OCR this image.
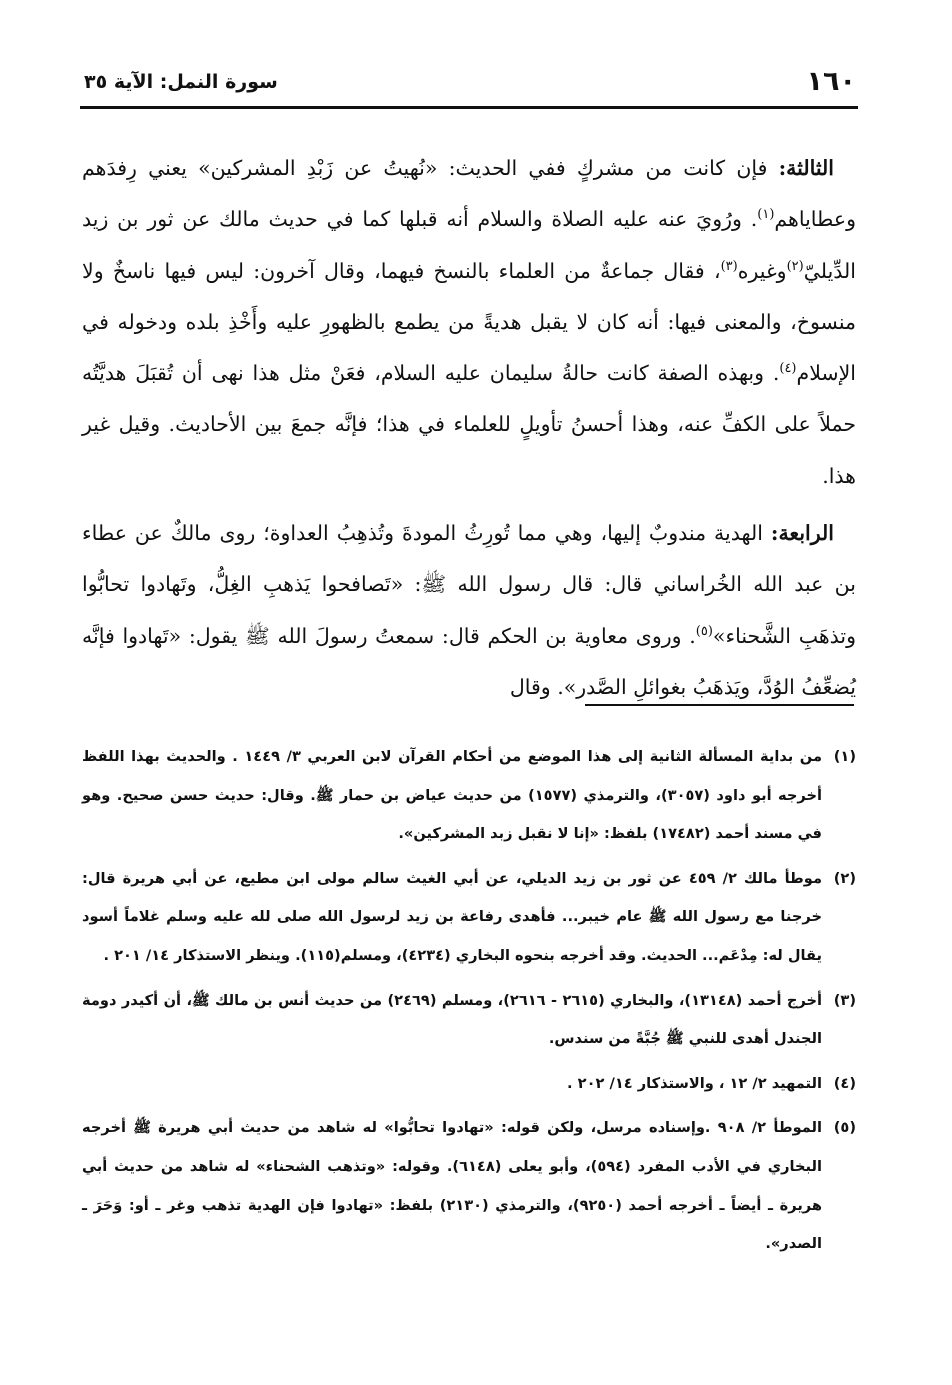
١٦٠
سورة النمل: الآية ٣٥

الثالثة: فإن كانت من مشركٍ ففي الحديث: «نُهيتُ عن زَبْدِ المشركين» يعني رِفدَهم وعطاياهم$^{(١)}$. ورُويَ عنه عليه الصلاة والسلام أنه قبلها كما في حديث مالك عن ثور بن زيد الدِّيليّ$^{(٢)}$وغيره$^{(٣)}$، فقال جماعةٌ من العلماء بالنسخ فيهما، وقال آخرون: ليس فيها ناسخٌ ولا منسوخ، والمعنى فيها: أنه كان لا يقبل هديةً من يطمع بالظهورِ عليه وأَخْذِ بلده ودخوله في الإسلام$^{(٤)}$. وبهذه الصفة كانت حالةُ سليمان عليه السلام، فعَنْ مثل هذا نهى أن تُقبَلَ هديَّتُه حملاً على الكفِّ عنه، وهذا أحسنُ تأويلٍ للعلماء في هذا؛ فإنَّه جمعَ بين الأحاديث. وقيل غير هذا.

الرابعة: الهدية مندوبٌ إليها، وهي مما تُورِثُ المودةَ وتُذهِبُ العداوة؛ روى مالكٌ عن عطاء بن عبد الله الخُراساني قال: قال رسول الله ﷺ: «تَصافحوا يَذهبِ الغِلُّ، وتَهادوا تحابُّوا وتذهَبِ الشَّحناء»$^{(٥)}$. وروى معاوية بن الحكم قال: سمعتُ رسولَ الله ﷺ يقول: «تَهادوا فإنَّه يُضعِّفُ الوُدَّ، ويَذهَبُ بغوائلِ الصَّدر». وقال

(١)
من بداية المسألة الثانية إلى هذا الموضع من أحكام القرآن لابن العربي ٣/ ١٤٤٩ . والحديث بهذا اللفظ أخرجه أبو داود (٣٠٥٧)، والترمذي (١٥٧٧) من حديث عياض بن حمار ﷺ. وقال: حديث حسن صحيح. وهو في مسند أحمد (١٧٤٨٢) بلفظ: «إنا لا نقبل زبد المشركين».
(٢)
موطأ مالك ٢/ ٤٥٩ عن ثور بن زيد الديلي، عن أبي الغيث سالم مولى ابن مطيع، عن أبي هريرة قال: خرجنا مع رسول الله ﷺ عام خيبر... فأهدى رفاعة بن زيد لرسول الله صلى لله عليه وسلم غلاماً أسود يقال له: مِدْعَم... الحديث. وقد أخرجه بنحوه البخاري (٤٢٣٤)، ومسلم(١١٥). وينظر الاستذكار ١٤/ ٢٠١ .
(٣)
أخرج أحمد (١٣١٤٨)، والبخاري (٢٦١٥ - ٢٦١٦)، ومسلم (٢٤٦٩) من حديث أنس بن مالك ﷺ، أن أكيدر دومة الجندل أهدى للنبي ﷺ جُبَّةً من سندس.
(٤)
التمهيد ٢/ ١٢ ، والاستذكار ١٤/ ٢٠٢ .
(٥)
الموطأ ٢/ ٩٠٨ .وإسناده مرسل، ولكن قوله: «تهادوا تحابُّوا» له شاهد من حديث أبي هريرة ﷺ أخرجه البخاري في الأدب المفرد (٥٩٤)، وأبو يعلى (٦١٤٨). وقوله: «وتذهب الشحناء» له شاهد من حديث أبي هريرة ـ أيضاً ـ أخرجه أحمد (٩٢٥٠)، والترمذي (٢١٣٠) بلفظ: «تهادوا فإن الهدية تذهب وغر ـ أو: وَحَرَ ـ الصدر».
